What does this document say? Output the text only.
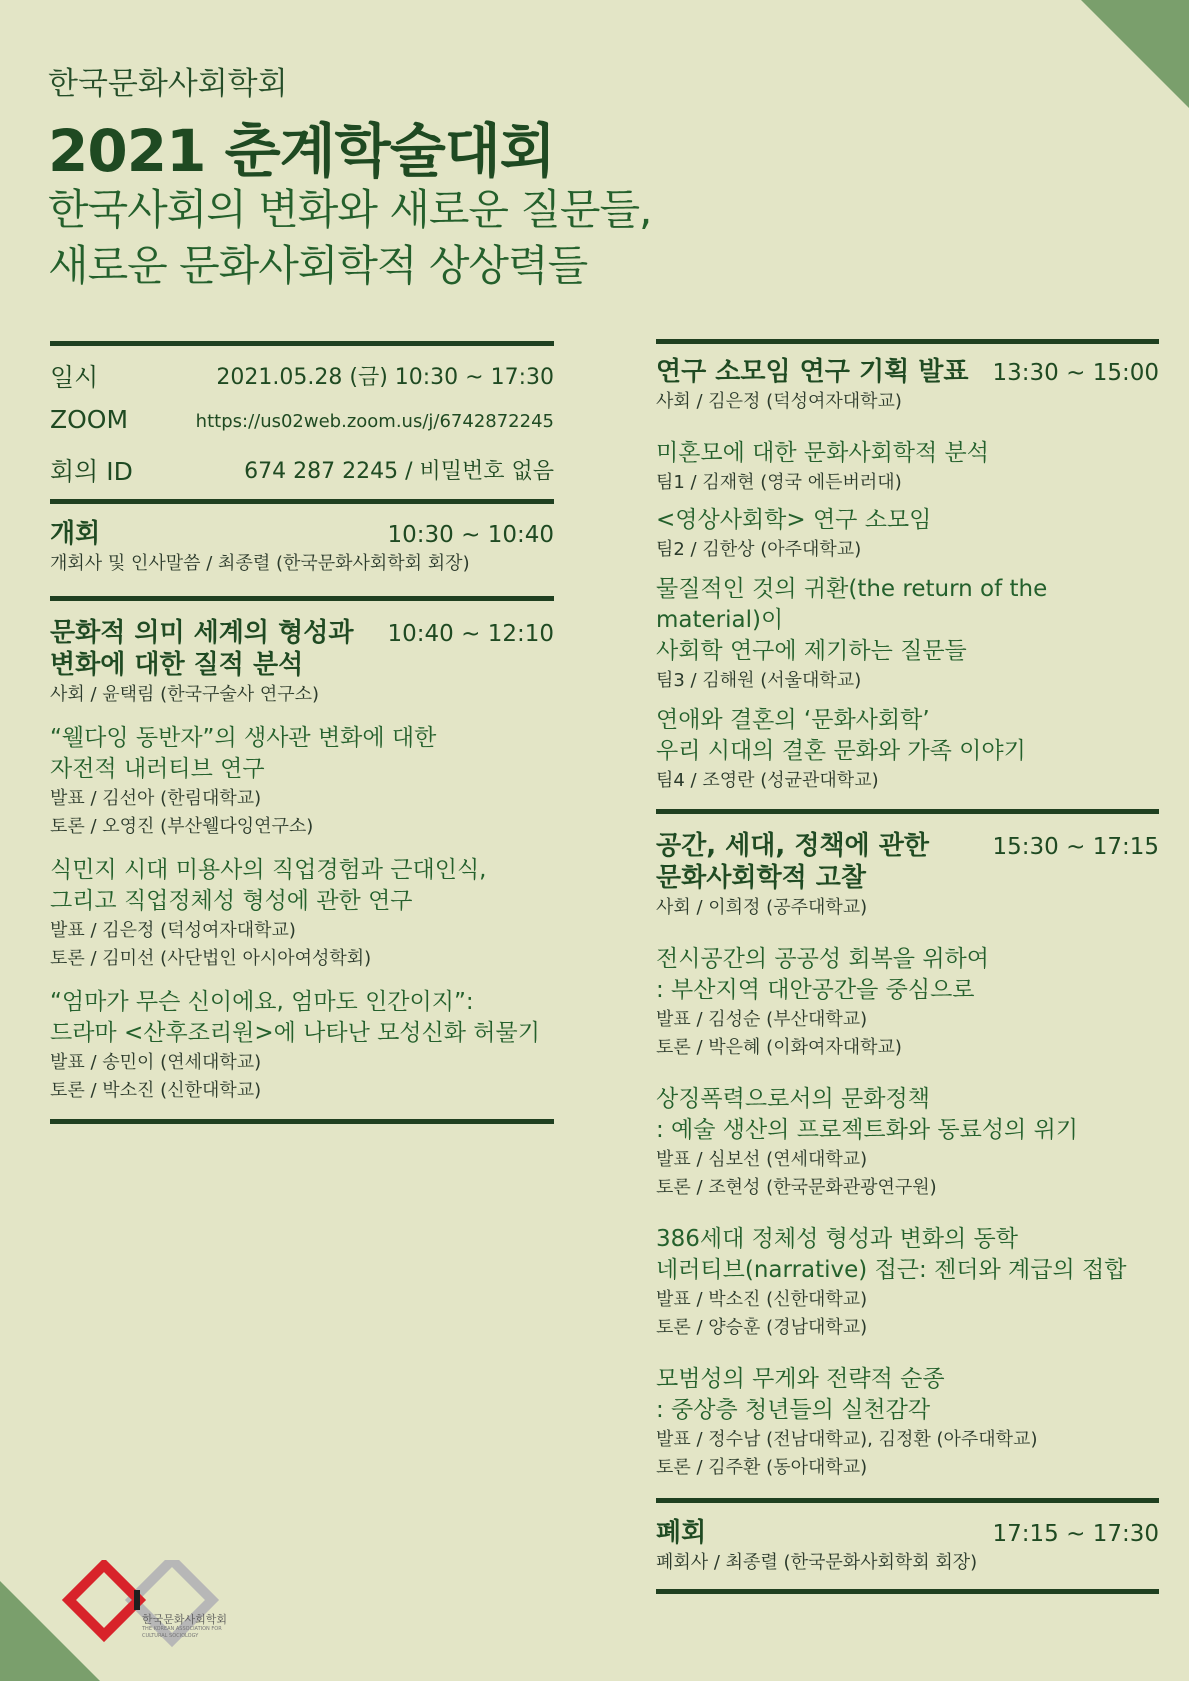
한국문화사회학회
2021 춘계학술대회
한국사회의 변화와 새로운 질문들,
새로운 문화사회학적 상상력들
일시	2021.05.28 (금) 10:30 ~ 17:30
ZOOM	https://us02web.zoom.us/j/6742872245
회의 ID	674 287 2245 / 비밀번호 없음
개회	10:30 ~ 10:40
개회사 및 인사말씀 / 최종렬 (한국문화사회학회 회장)
문화적 의미 세계의 형성과
변화에 대한 질적 분석
10:40 ~ 12:10
사회 / 윤택림 (한국구술사 연구소)
“웰다잉 동반자”의 생사관 변화에 대한
자전적 내러티브 연구
발표 / 김선아 (한림대학교)
토론 / 오영진 (부산웰다잉연구소)
식민지 시대 미용사의 직업경험과 근대인식,
그리고 직업정체성 형성에 관한 연구
발표 / 김은정 (덕성여자대학교)
토론 / 김미선 (사단법인 아시아여성학회)
“엄마가 무슨 신이에요, 엄마도 인간이지”:
드라마 <산후조리원>에 나타난 모성신화 허물기
발표 / 송민이 (연세대학교)
토론 / 박소진 (신한대학교)
연구 소모임 연구 기획 발표	13:30 ~ 15:00
사회 / 김은정 (덕성여자대학교)
미혼모에 대한 문화사회학적 분석
팀1 / 김재현 (영국 에든버러대)
<영상사회학> 연구 소모임
팀2 / 김한상 (아주대학교)
물질적인 것의 귀환(the return of the material)이
사회학 연구에 제기하는 질문들
팀3 / 김해원 (서울대학교)
연애와 결혼의 ‘문화사회학’
우리 시대의 결혼 문화와 가족 이야기
팀4 / 조영란 (성균관대학교)
공간, 세대, 정책에 관한
문화사회학적 고찰
15:30 ~ 17:15
사회 / 이희정 (공주대학교)
전시공간의 공공성 회복을 위하여
: 부산지역 대안공간을 중심으로
발표 / 김성순 (부산대학교)
토론 / 박은혜 (이화여자대학교)
상징폭력으로서의 문화정책
: 예술 생산의 프로젝트화와 동료성의 위기
발표 / 심보선 (연세대학교)
토론 / 조현성 (한국문화관광연구원)
386세대 정체성 형성과 변화의 동학
네러티브(narrative) 접근: 젠더와 계급의 접합
발표 / 박소진 (신한대학교)
토론 / 양승훈 (경남대학교)
모범성의 무게와 전략적 순종
: 중상층 청년들의 실천감각
발표 / 정수남 (전남대학교), 김정환 (아주대학교)
토론 / 김주환 (동아대학교)
폐회	17:15 ~ 17:30
폐회사 / 최종렬 (한국문화사회학회 회장)
한국문화사회학회
THE KOREAN ASSOCIATION FOR CULTURAL SOCIOLOGY
